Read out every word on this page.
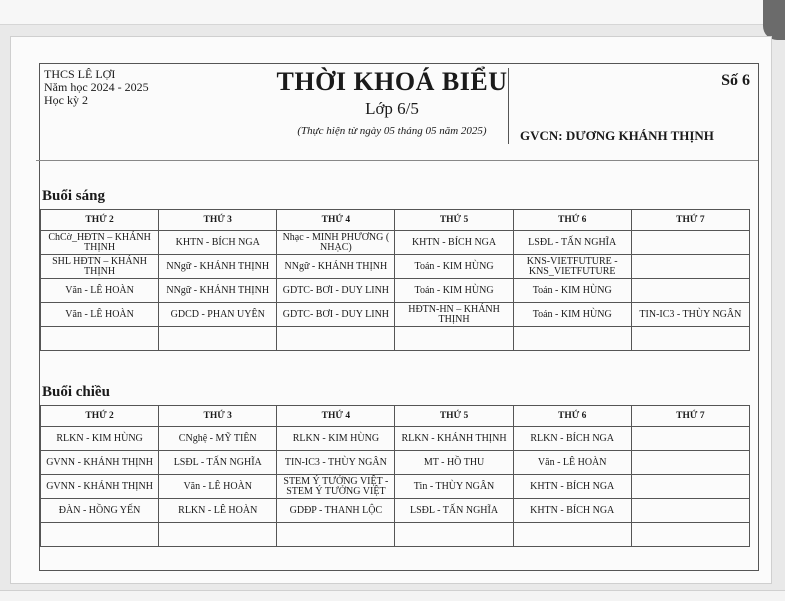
THCS LÊ LỢI
Năm học 2024 - 2025
Học kỳ 2
THỜI KHOÁ BIỂU
Lớp 6/5
(Thực hiện từ ngày 05 tháng 05 năm 2025)
Số 6
GVCN: DƯƠNG KHÁNH THỊNH
Buổi sáng
THỨ 2	THỨ 3	THỨ 4	THỨ 5	THỨ 6	THỨ 7
ChCờ_HĐTN – KHÁNH THỊNH	KHTN - BÍCH NGA	Nhạc - MINH PHƯƠNG ( NHẠC)	KHTN - BÍCH NGA	LSĐL - TẤN NGHĨA	
SHL HĐTN – KHÁNH THỊNH	NNgữ - KHÁNH THỊNH	NNgữ - KHÁNH THỊNH	Toán - KIM HÙNG	KNS-VIETFUTURE - KNS_VIETFUTURE	
Văn - LÊ HOÀN	NNgữ - KHÁNH THỊNH	GDTC- BƠI - DUY LINH	Toán - KIM HÙNG	Toán - KIM HÙNG	
Văn - LÊ HOÀN	GDCD - PHAN UYÊN	GDTC- BƠI - DUY LINH	HĐTN-HN – KHÁNH THỊNH	Toán - KIM HÙNG	TIN-IC3 - THÙY NGÂN

Buổi chiều
THỨ 2	THỨ 3	THỨ 4	THỨ 5	THỨ 6	THỨ 7
RLKN - KIM HÙNG	CNghệ - MỸ TIÊN	RLKN - KIM HÙNG	RLKN - KHÁNH THỊNH	RLKN - BÍCH NGA	
GVNN - KHÁNH THỊNH	LSĐL - TẤN NGHĨA	TIN-IC3 - THÙY NGÂN	MT - HỒ THU	Văn - LÊ HOÀN	
GVNN - KHÁNH THỊNH	Văn - LÊ HOÀN	STEM Ý TƯỞNG VIỆT - STEM Ý TƯỞNG VIỆT	Tin - THÙY NGÂN	KHTN - BÍCH NGA	
ĐÀN - HỒNG YẾN	RLKN - LÊ HOÀN	GDĐP - THANH LỘC	LSĐL - TẤN NGHĨA	KHTN - BÍCH NGA	
